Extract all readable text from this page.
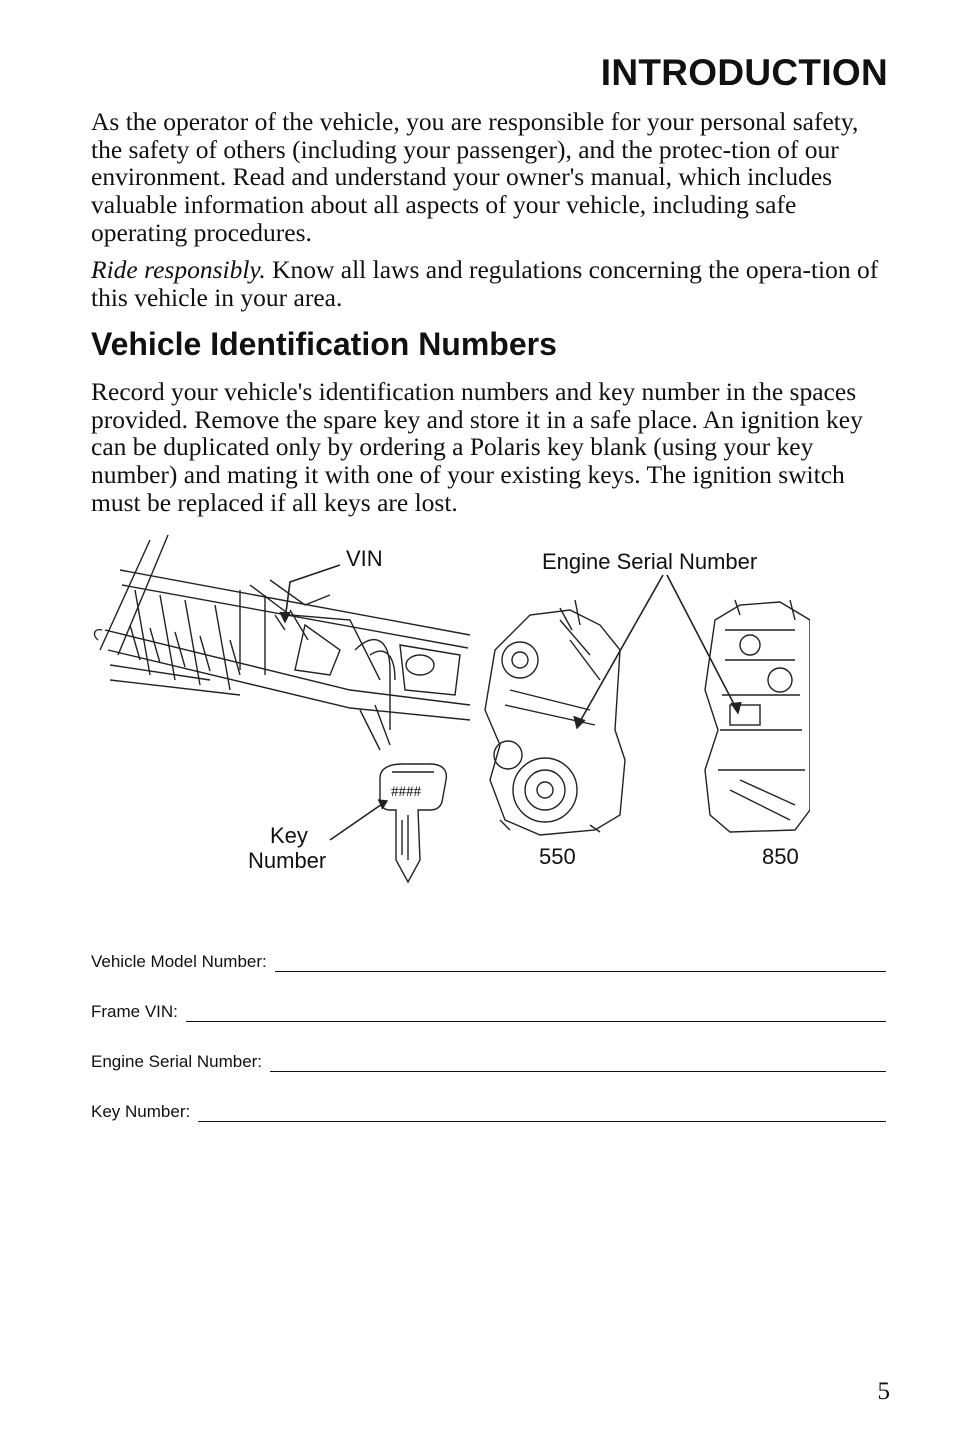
INTRODUCTION

As the operator of the vehicle, you are responsible for your personal safety, the safety of others (including your passenger), and the protec-tion of our environment. Read and understand your owner's manual, which includes valuable information about all aspects of your vehicle, including safe operating procedures.

Ride responsibly. Know all laws and regulations concerning the opera-tion of this vehicle in your area.

Vehicle Identification Numbers

Record your vehicle's identification numbers and key number in the spaces provided. Remove the spare key and store it in a safe place. An ignition key can be duplicated only by ordering a Polaris key blank (using your key number) and mating it with one of your existing keys. The ignition switch must be replaced if all keys are lost.

VIN	Engine Serial Number
Key
Number
####
550	850
Vehicle Model Number:
Frame VIN:
Engine Serial Number:
Key Number:
5
